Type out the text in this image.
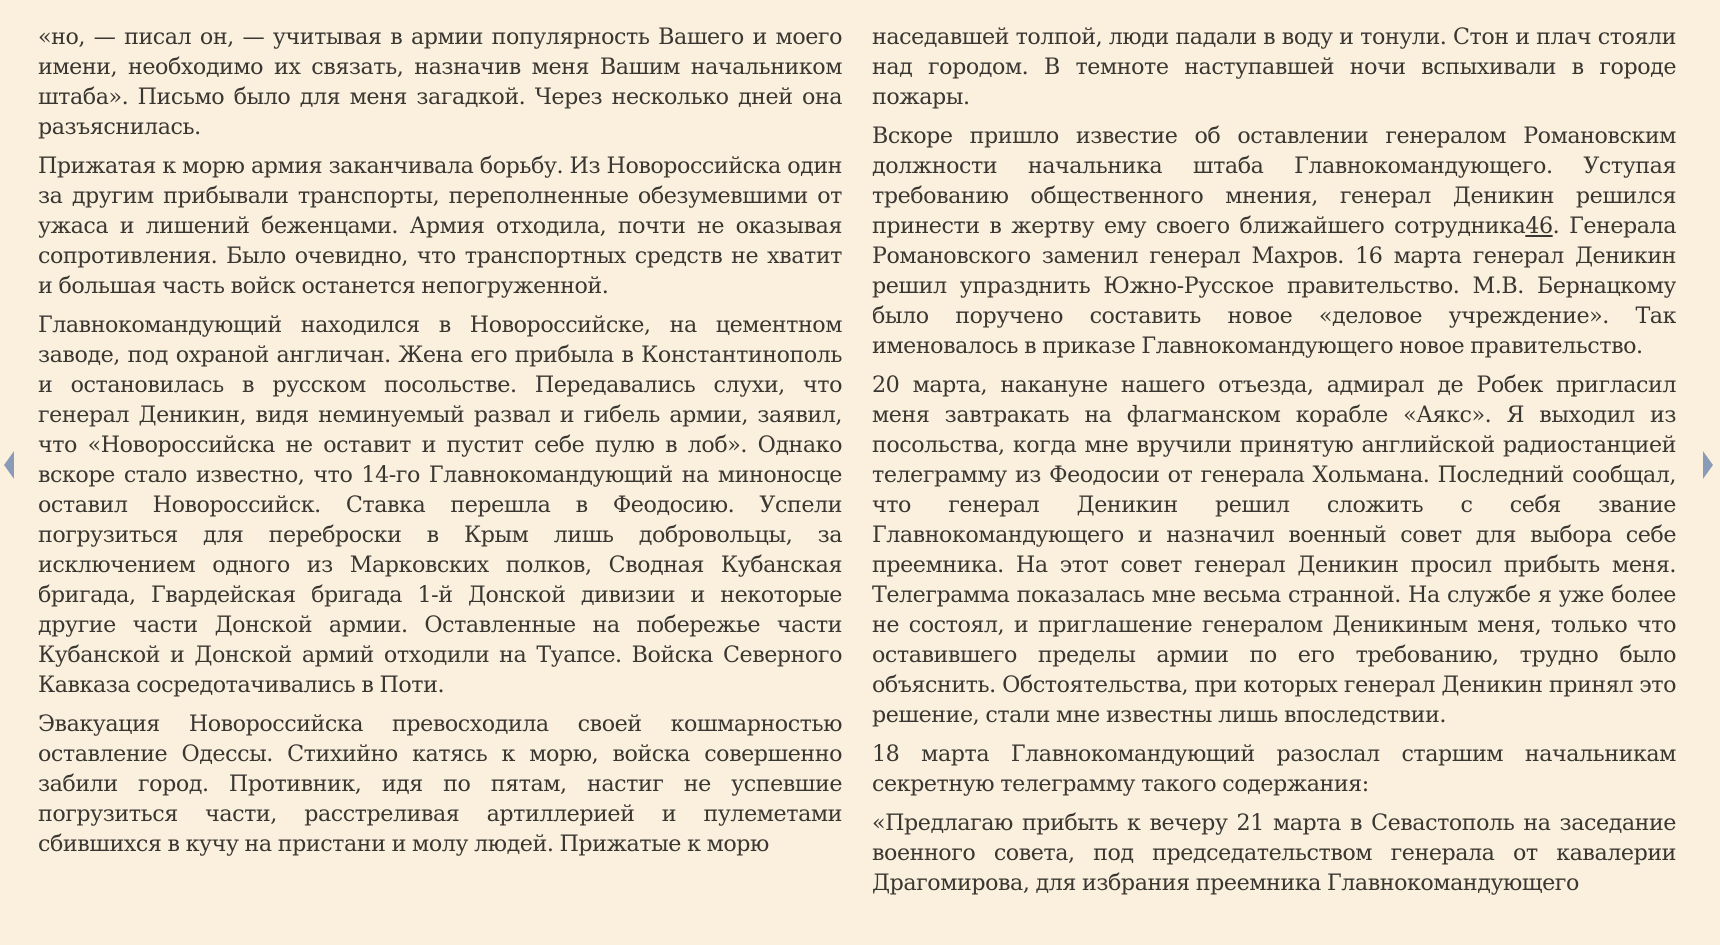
«но, — писал он, — учитывая в армии популярность Вашего и моего имени, необходимо их связать, назначив меня Вашим начальником штаба». Письмо было для меня загадкой. Через несколько дней она разъяснилась.

Прижатая к морю армия заканчивала борьбу. Из Новороссийска один за другим прибывали транспорты, переполненные обезумевшими от ужаса и лишений беженцами. Армия отходила, почти не оказывая сопротивления. Было очевидно, что транспортных средств не хватит и большая часть войск останется непогруженной.

Главнокомандующий находился в Новороссийске, на цементном заводе, под охраной англичан. Жена его прибыла в Константинополь и остановилась в русском посольстве. Передавались слухи, что генерал Деникин, видя неминуемый развал и гибель армии, заявил, что «Новороссийска не оставит и пустит себе пулю в лоб». Однако вскоре стало известно, что 14-го Главнокомандующий на миноносце оставил Новороссийск. Ставка перешла в Феодосию. Успели погрузиться для переброски в Крым лишь добровольцы, за исключением одного из Марковских полков, Сводная Кубанская бригада, Гвардейская бригада 1-й Донской дивизии и некоторые другие части Донской армии. Оставленные на побережье части Кубанской и Донской армий отходили на Туапсе. Войска Северного Кавказа сосредотачивались в Поти.

Эвакуация Новороссийска превосходила своей кошмарностью оставление Одессы. Стихийно катясь к морю, войска совершенно забили город. Противник, идя по пятам, настиг не успевшие погрузиться части, расстреливая артиллерией и пулеметами сбившихся в кучу на пристани и молу людей. Прижатые к морю

наседавшей толпой, люди падали в воду и тонули. Стон и плач стояли над городом. В темноте наступавшей ночи вспыхивали в городе пожары.

Вскоре пришло известие об оставлении генералом Романовским должности начальника штаба Главнокомандующего. Уступая требованию общественного мнения, генерал Деникин решился принести в жертву ему своего ближайшего сотрудника46. Генерала Романовского заменил генерал Махров. 16 марта генерал Деникин решил упразднить Южно-Русское правительство. М.В. Бернацкому было поручено составить новое «деловое учреждение». Так именовалось в приказе Главнокомандующего новое правительство.

20 марта, накануне нашего отъезда, адмирал де Робек пригласил меня завтракать на флагманском корабле «Аякс». Я выходил из посольства, когда мне вручили принятую английской радиостанцией телеграмму из Феодосии от генерала Хольмана. Последний сообщал, что генерал Деникин решил сложить с себя звание Главнокомандующего и назначил военный совет для выбора себе преемника. На этот совет генерал Деникин просил прибыть меня. Телеграмма показалась мне весьма странной. На службе я уже более не состоял, и приглашение генералом Деникиным меня, только что оставившего пределы армии по его требованию, трудно было объяснить. Обстоятельства, при которых генерал Деникин принял это решение, стали мне известны лишь впоследствии.

18 марта Главнокомандующий разослал старшим начальникам секретную телеграмму такого содержания:

«Предлагаю прибыть к вечеру 21 марта в Севастополь на заседание военного совета, под председательством генерала от кавалерии Драгомирова, для избрания преемника Главнокомандующего
